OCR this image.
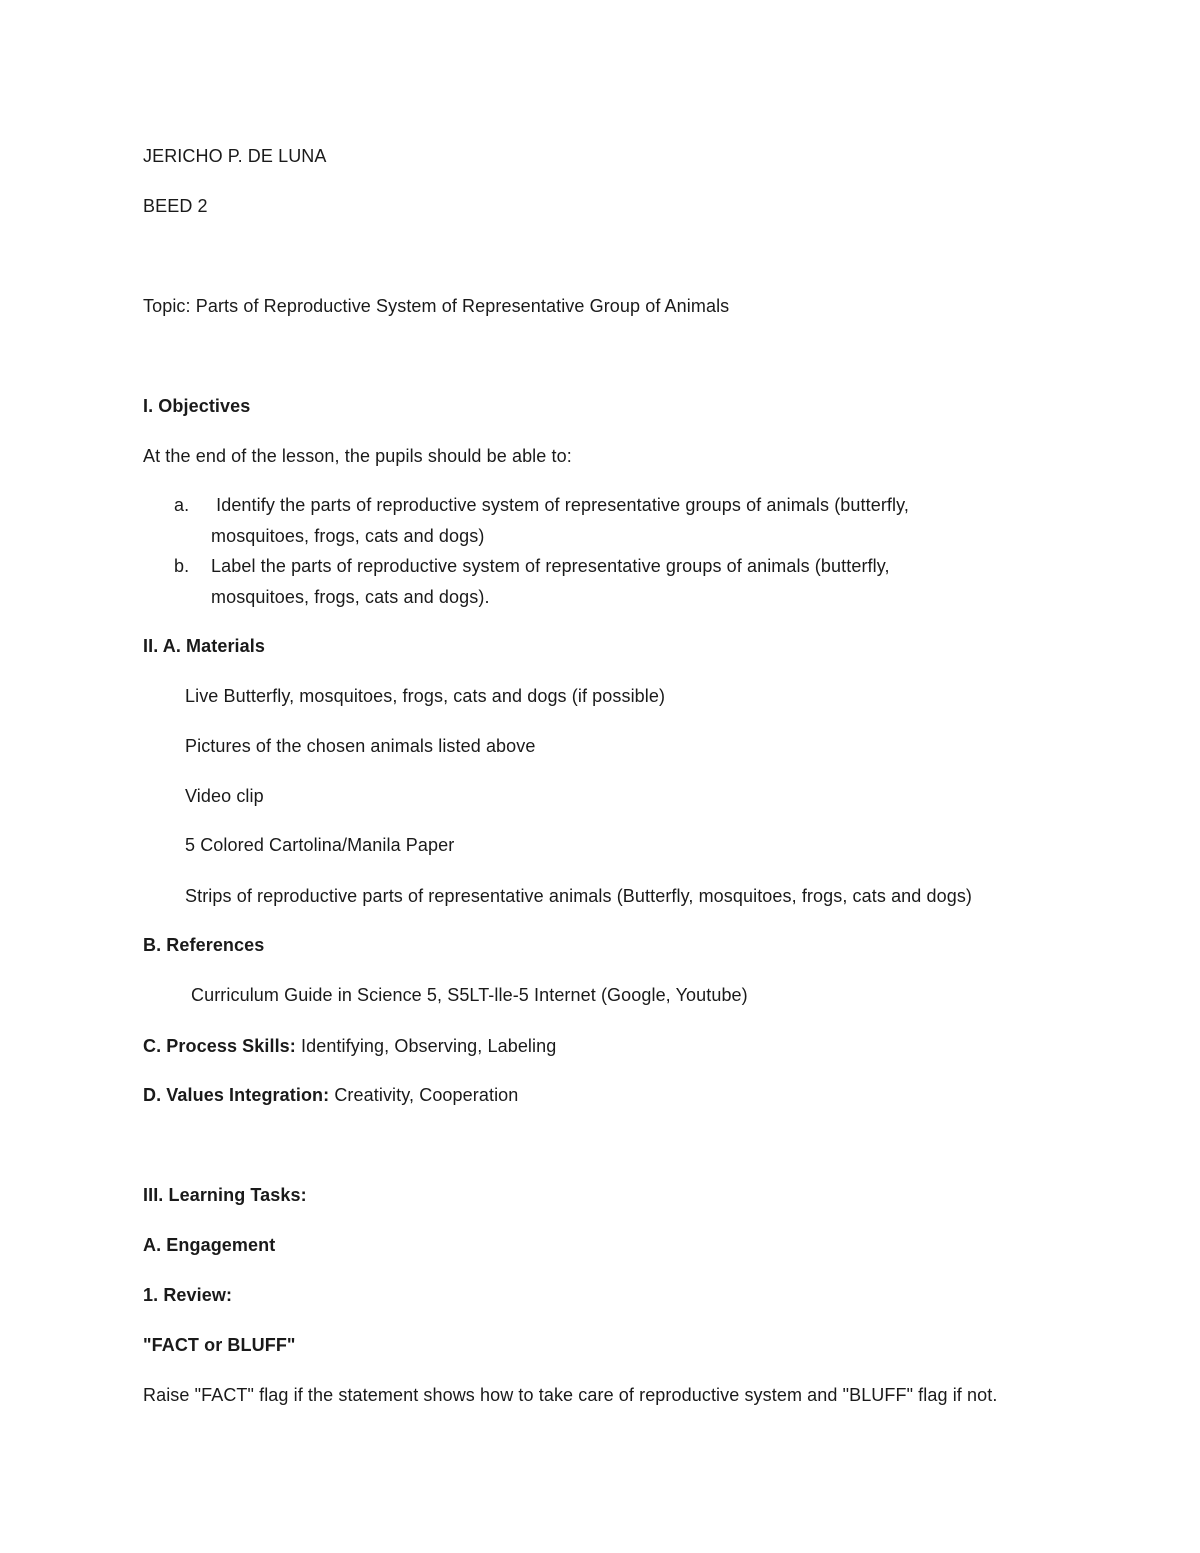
JERICHO P. DE LUNA
BEED 2
Topic: Parts of Reproductive System of Representative Group of Animals
I. Objectives
At the end of the lesson, the pupils should be able to:
a. Identify the parts of reproductive system of representative groups of animals (butterfly,
mosquitoes, frogs, cats and dogs)
b. Label the parts of reproductive system of representative groups of animals (butterfly,
mosquitoes, frogs, cats and dogs).
II. A. Materials
Live Butterfly, mosquitoes, frogs, cats and dogs (if possible)
Pictures of the chosen animals listed above
Video clip
5 Colored Cartolina/Manila Paper
Strips of reproductive parts of representative animals (Butterfly, mosquitoes, frogs, cats and dogs)
B. References
Curriculum Guide in Science 5, S5LT-lle-5 Internet (Google, Youtube)
C. Process Skills: Identifying, Observing, Labeling
D. Values Integration: Creativity, Cooperation
III. Learning Tasks:
A. Engagement
1. Review:
"FACT or BLUFF"
Raise "FACT" flag if the statement shows how to take care of reproductive system and "BLUFF" flag if not.
